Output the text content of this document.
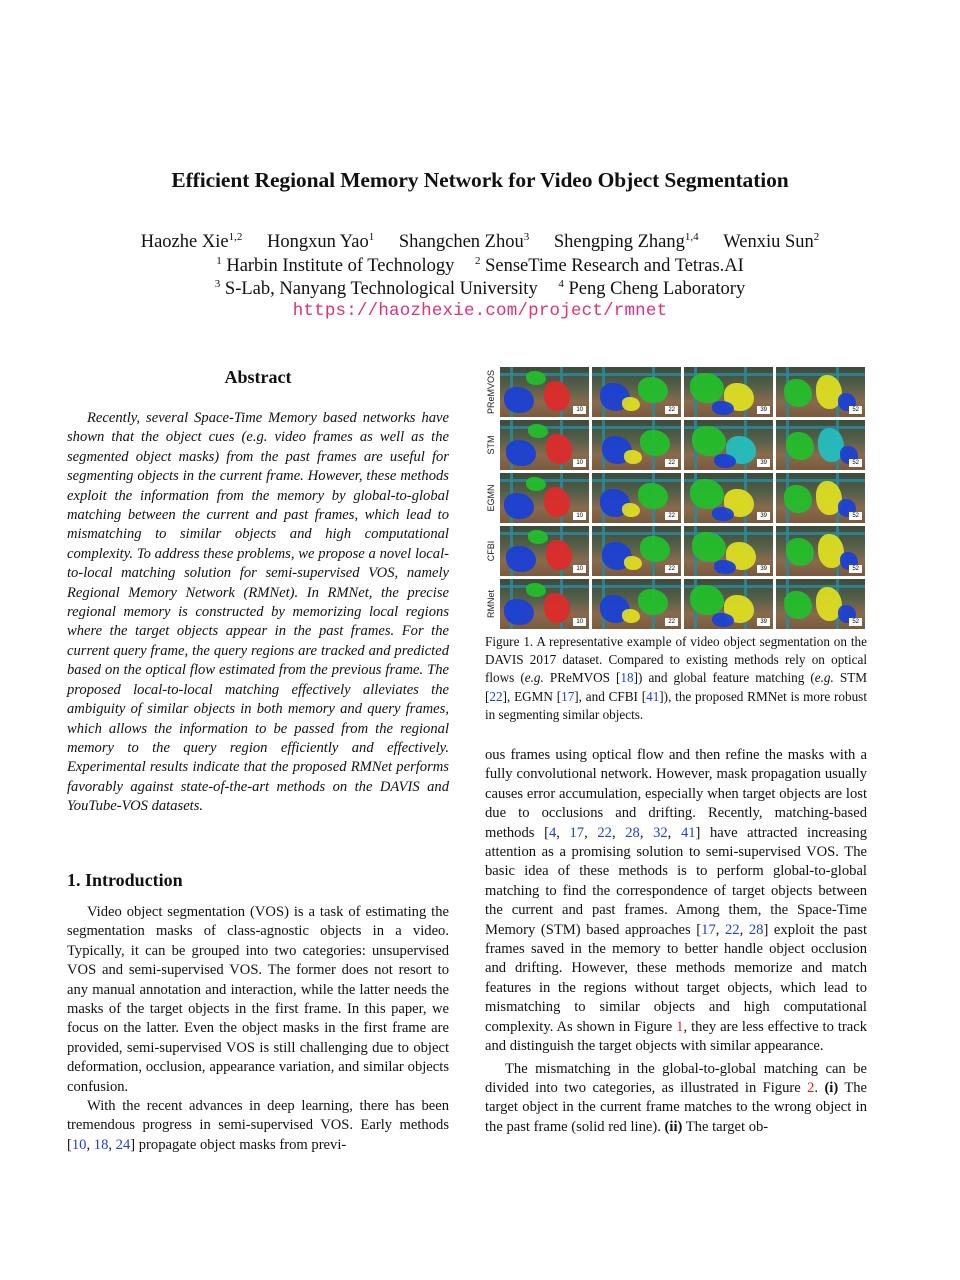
Efficient Regional Memory Network for Video Object Segmentation
Haozhe Xie$^{1,2}$ Hongxun Yao$^1$ Shangchen Zhou$^3$ Shengping Zhang$^{1,4}$ Wenxiu Sun$^2$
$^1$ Harbin Institute of Technology $^2$ SenseTime Research and Tetras.AI
$^3$ S-Lab, Nanyang Technological University $^4$ Peng Cheng Laboratory
https://haozhexie.com/project/rmnet
Abstract

Recently, several Space-Time Memory based networks have shown that the object cues (e.g. video frames as well as the segmented object masks) from the past frames are useful for segmenting objects in the current frame. However, these methods exploit the information from the memory by global-to-global matching between the current and past frames, which lead to mismatching to similar objects and high computational complexity. To address these problems, we propose a novel local-to-local matching solution for semi-supervised VOS, namely Regional Memory Network (RMNet). In RMNet, the precise regional memory is constructed by memorizing local regions where the target objects appear in the past frames. For the current query frame, the query regions are tracked and predicted based on the optical flow estimated from the previous frame. The proposed local-to-local matching effectively alleviates the ambiguity of similar objects in both memory and query frames, which allows the information to be passed from the regional memory to the query region efficiently and effectively. Experimental results indicate that the proposed RMNet performs favorably against state-of-the-art methods on the DAVIS and YouTube-VOS datasets.

1. Introduction

Video object segmentation (VOS) is a task of estimating the segmentation masks of class-agnostic objects in a video. Typically, it can be grouped into two categories: unsupervised VOS and semi-supervised VOS. The former does not resort to any manual annotation and interaction, while the latter needs the masks of the target objects in the first frame. In this paper, we focus on the latter. Even the object masks in the first frame are provided, semi-supervised VOS is still challenging due to object deformation, occlusion, appearance variation, and similar objects confusion.

With the recent advances in deep learning, there has been tremendous progress in semi-supervised VOS. Early methods [10, 18, 24] propagate object masks from previ-

PReMVOS	10	22	39	52
STM
10	22	39	52
EGMN
10	22	39	52
CFBI
10	22	39	52
RMNet
10	22	39	52
Figure 1. A representative example of video object segmentation on the DAVIS 2017 dataset. Compared to existing methods rely on optical flows (e.g. PReMVOS [18]) and global feature matching (e.g. STM [22], EGMN [17], and CFBI [41]), the proposed RMNet is more robust in segmenting similar objects.

ous frames using optical flow and then refine the masks with a fully convolutional network. However, mask propagation usually causes error accumulation, especially when target objects are lost due to occlusions and drifting. Recently, matching-based methods [4, 17, 22, 28, 32, 41] have attracted increasing attention as a promising solution to semi-supervised VOS. The basic idea of these methods is to perform global-to-global matching to find the correspondence of target objects between the current and past frames. Among them, the Space-Time Memory (STM) based approaches [17, 22, 28] exploit the past frames saved in the memory to better handle object occlusion and drifting. However, these methods memorize and match features in the regions without target objects, which lead to mismatching to similar objects and high computational complexity. As shown in Figure 1, they are less effective to track and distinguish the target objects with similar appearance.

The mismatching in the global-to-global matching can be divided into two categories, as illustrated in Figure 2. (i) The target object in the current frame matches to the wrong object in the past frame (solid red line). (ii) The target ob-
